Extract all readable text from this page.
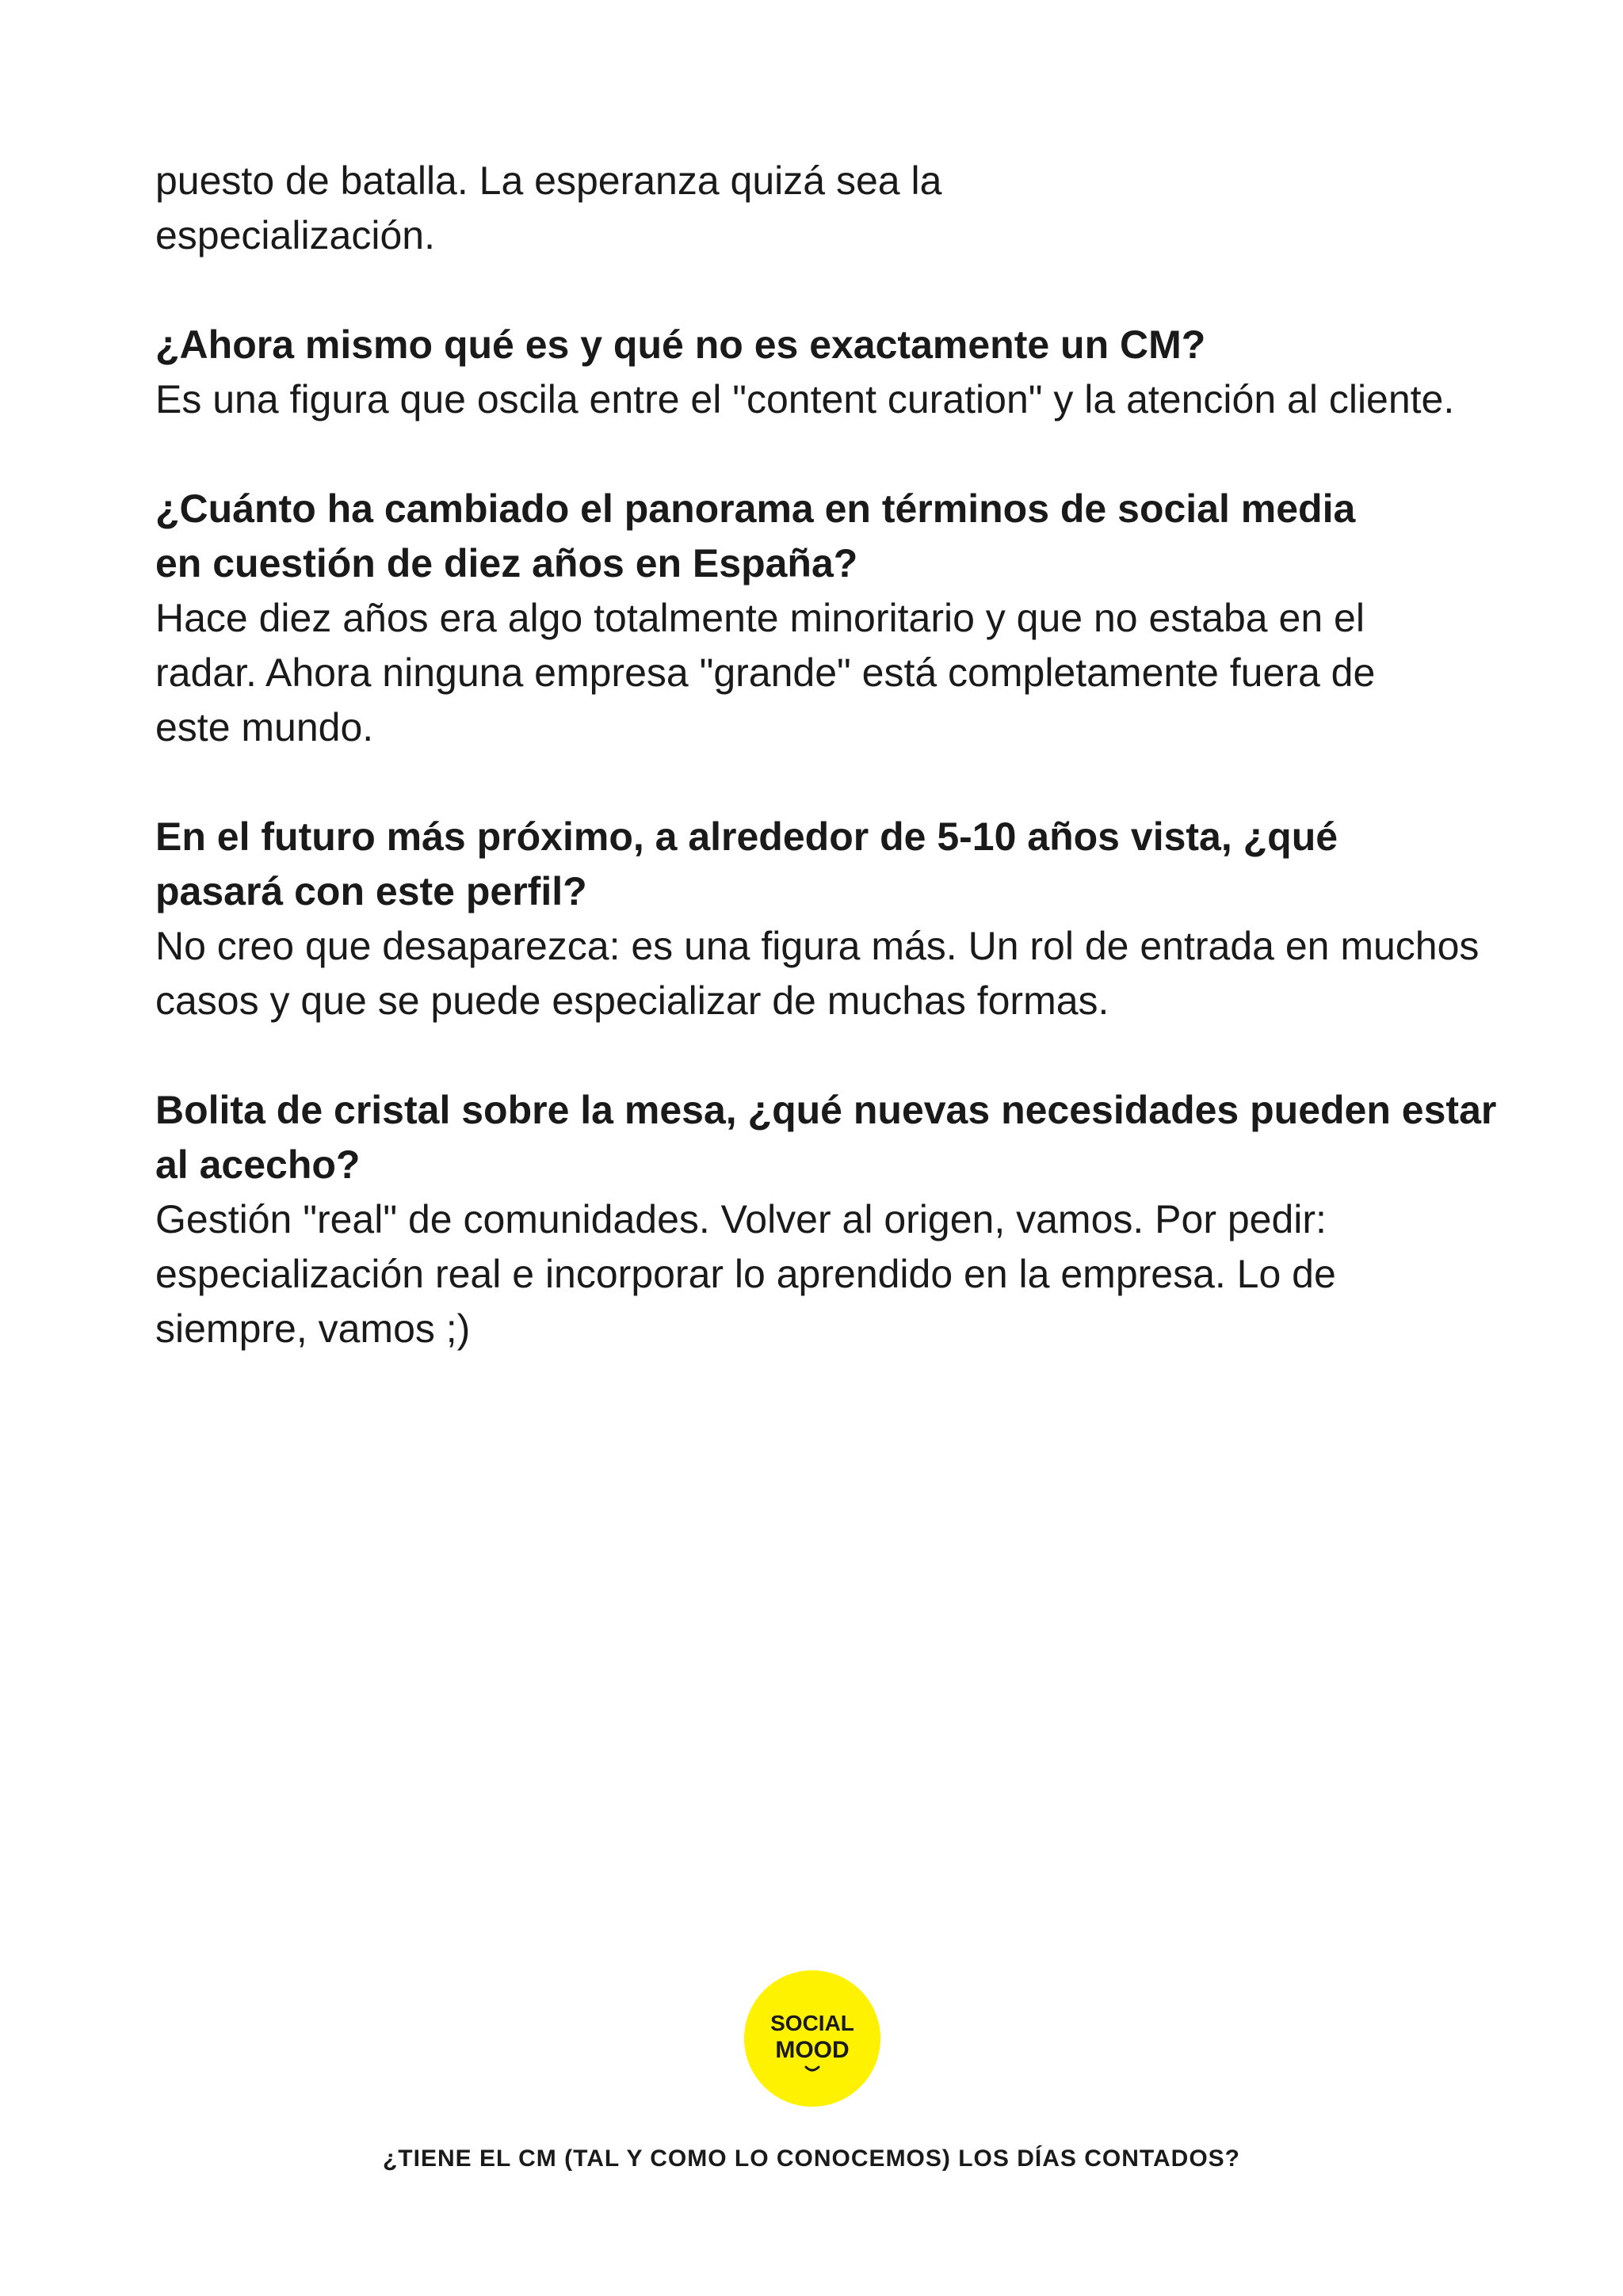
puesto de batalla. La esperanza quizá sea la especialización.

¿Ahora mismo qué es y qué no es exactamente un CM?

Es una figura que oscila entre el "content curation" y la atención al cliente.

¿Cuánto ha cambiado el panorama en términos de social media en cuestión de diez años en España?

Hace diez años era algo totalmente minoritario y que no estaba en el radar. Ahora ninguna empresa "grande" está completamente fuera de este mundo.

En el futuro más próximo, a alrededor de 5-10 años vista, ¿qué pasará con este perfil?

No creo que desaparezca: es una figura más. Un rol de entrada en muchos casos y que se puede especializar de muchas formas.

Bolita de cristal sobre la mesa, ¿qué nuevas necesidades pueden estar al acecho?

Gestión "real" de comunidades. Volver al origen, vamos. Por pedir: especialización real e incorporar lo aprendido en la empresa. Lo de siempre, vamos ;)

SOCIAL
MOOD
¿TIENE EL CM (TAL Y COMO LO CONOCEMOS) LOS DÍAS CONTADOS?
